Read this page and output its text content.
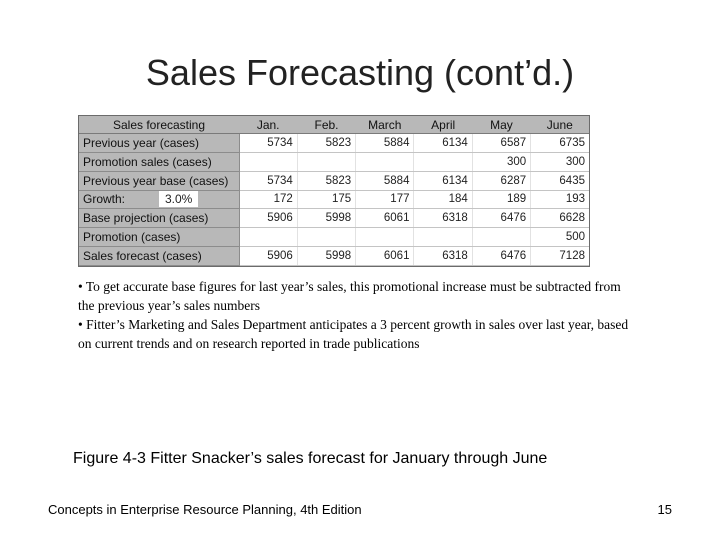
Sales Forecasting (cont’d.)
Sales forecasting	Jan.	Feb.	March	April	May	June
Previous year (cases)	5734	5823	5884	6134	6587	6735
Promotion sales (cases)					300	300
Previous year base (cases)	5734	5823	5884	6134	6287	6435
Growth: 3.0%	172	175	177	184	189	193
Base projection (cases)	5906	5998	6061	6318	6476	6628
Promotion (cases)						500
Sales forecast (cases)	5906	5998	6061	6318	6476	7128

• To get accurate base figures for last year’s sales, this promotional increase must be subtracted from the previous year’s sales numbers

• Fitter’s Marketing and Sales Department anticipates a 3 percent growth in sales over last year, based on current trends and on research reported in trade publications

Figure 4-3 Fitter Snacker’s sales forecast for January through June
Concepts in Enterprise Resource Planning, 4th Edition	15
